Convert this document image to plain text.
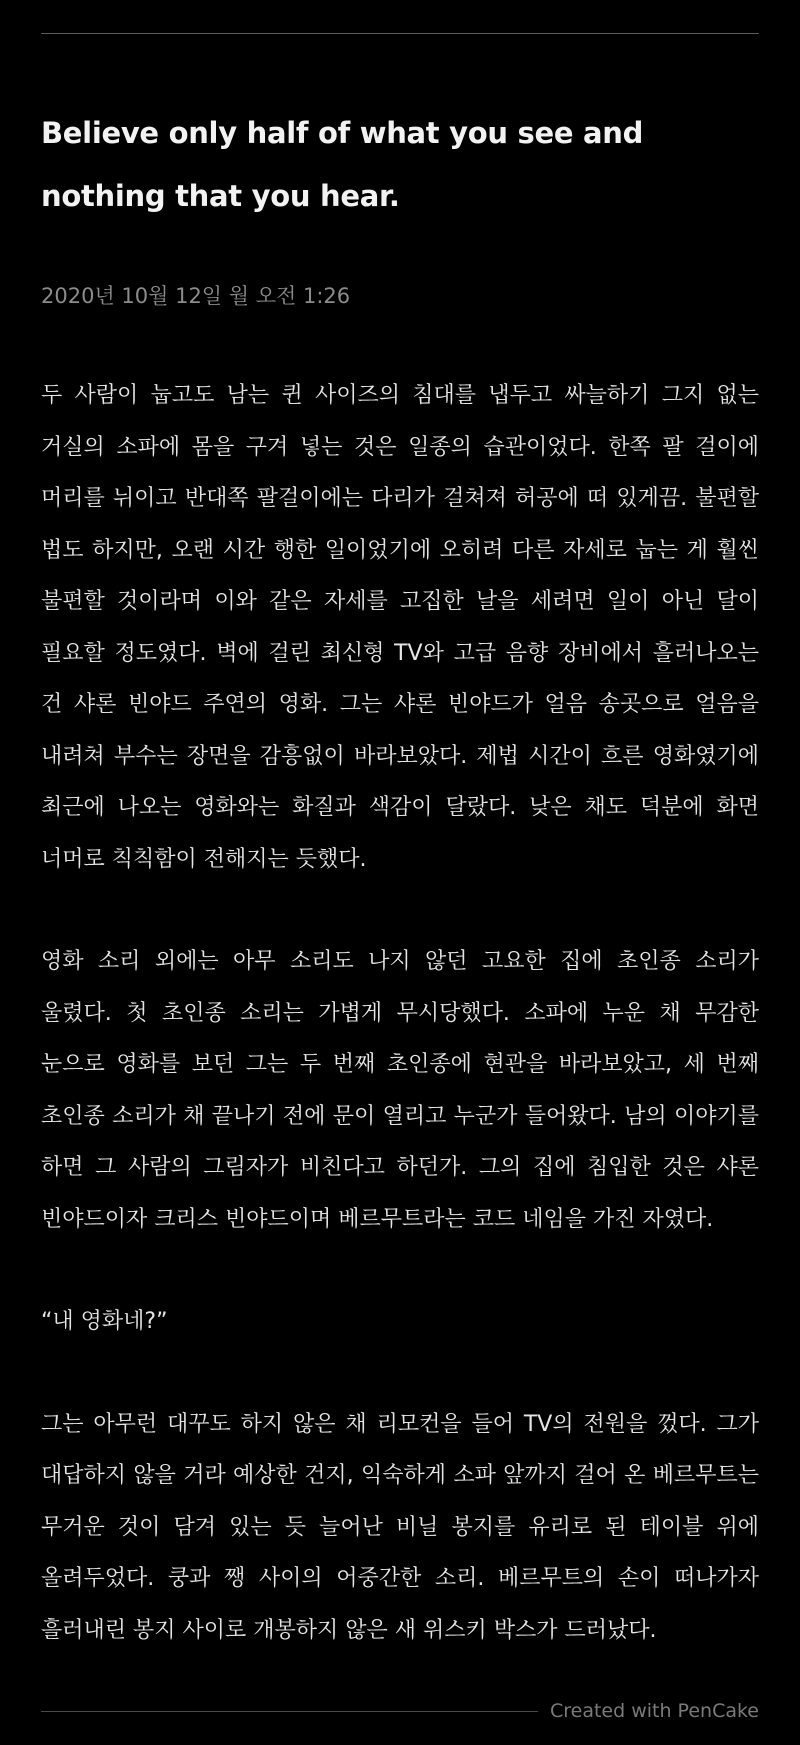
Believe only half of what you see and nothing that you hear.
2020년 10월 12일 월 오전 1:26

두 사람이 눕고도 남는 퀸 사이즈의 침대를 냅두고 싸늘하기 그지 없는 거실의 소파에 몸을 구겨 넣는 것은 일종의 습관이었다. 한쪽 팔 걸이에 머리를 뉘이고 반대쪽 팔걸이에는 다리가 걸쳐져 허공에 떠 있게끔. 불편할 법도 하지만, 오랜 시간 행한 일이었기에 오히려 다른 자세로 눕는 게 훨씬 불편할 것이라며 이와 같은 자세를 고집한 날을 세려면 일이 아닌 달이 필요할 정도였다. 벽에 걸린 최신형 TV와 고급 음향 장비에서 흘러나오는 건 샤론 빈야드 주연의 영화. 그는 샤론 빈야드가 얼음 송곳으로 얼음을 내려쳐 부수는 장면을 감흥없이 바라보았다. 제법 시간이 흐른 영화였기에 최근에 나오는 영화와는 화질과 색감이 달랐다. 낮은 채도 덕분에 화면 너머로 칙칙함이 전해지는 듯했다.

영화 소리 외에는 아무 소리도 나지 않던 고요한 집에 초인종 소리가 울렸다. 첫 초인종 소리는 가볍게 무시당했다. 소파에 누운 채 무감한 눈으로 영화를 보던 그는 두 번째 초인종에 현관을 바라보았고, 세 번째 초인종 소리가 채 끝나기 전에 문이 열리고 누군가 들어왔다. 남의 이야기를 하면 그 사람의 그림자가 비친다고 하던가. 그의 집에 침입한 것은 샤론 빈야드이자 크리스 빈야드이며 베르무트라는 코드 네임을 가진 자였다.

“내 영화네?”

그는 아무런 대꾸도 하지 않은 채 리모컨을 들어 TV의 전원을 껐다. 그가 대답하지 않을 거라 예상한 건지, 익숙하게 소파 앞까지 걸어 온 베르무트는 무거운 것이 담겨 있는 듯 늘어난 비닐 봉지를 유리로 된 테이블 위에 올려두었다. 쿵과 쨍 사이의 어중간한 소리. 베르무트의 손이 떠나가자 흘러내린 봉지 사이로 개봉하지 않은 새 위스키 박스가 드러났다.

Created with PenCake
